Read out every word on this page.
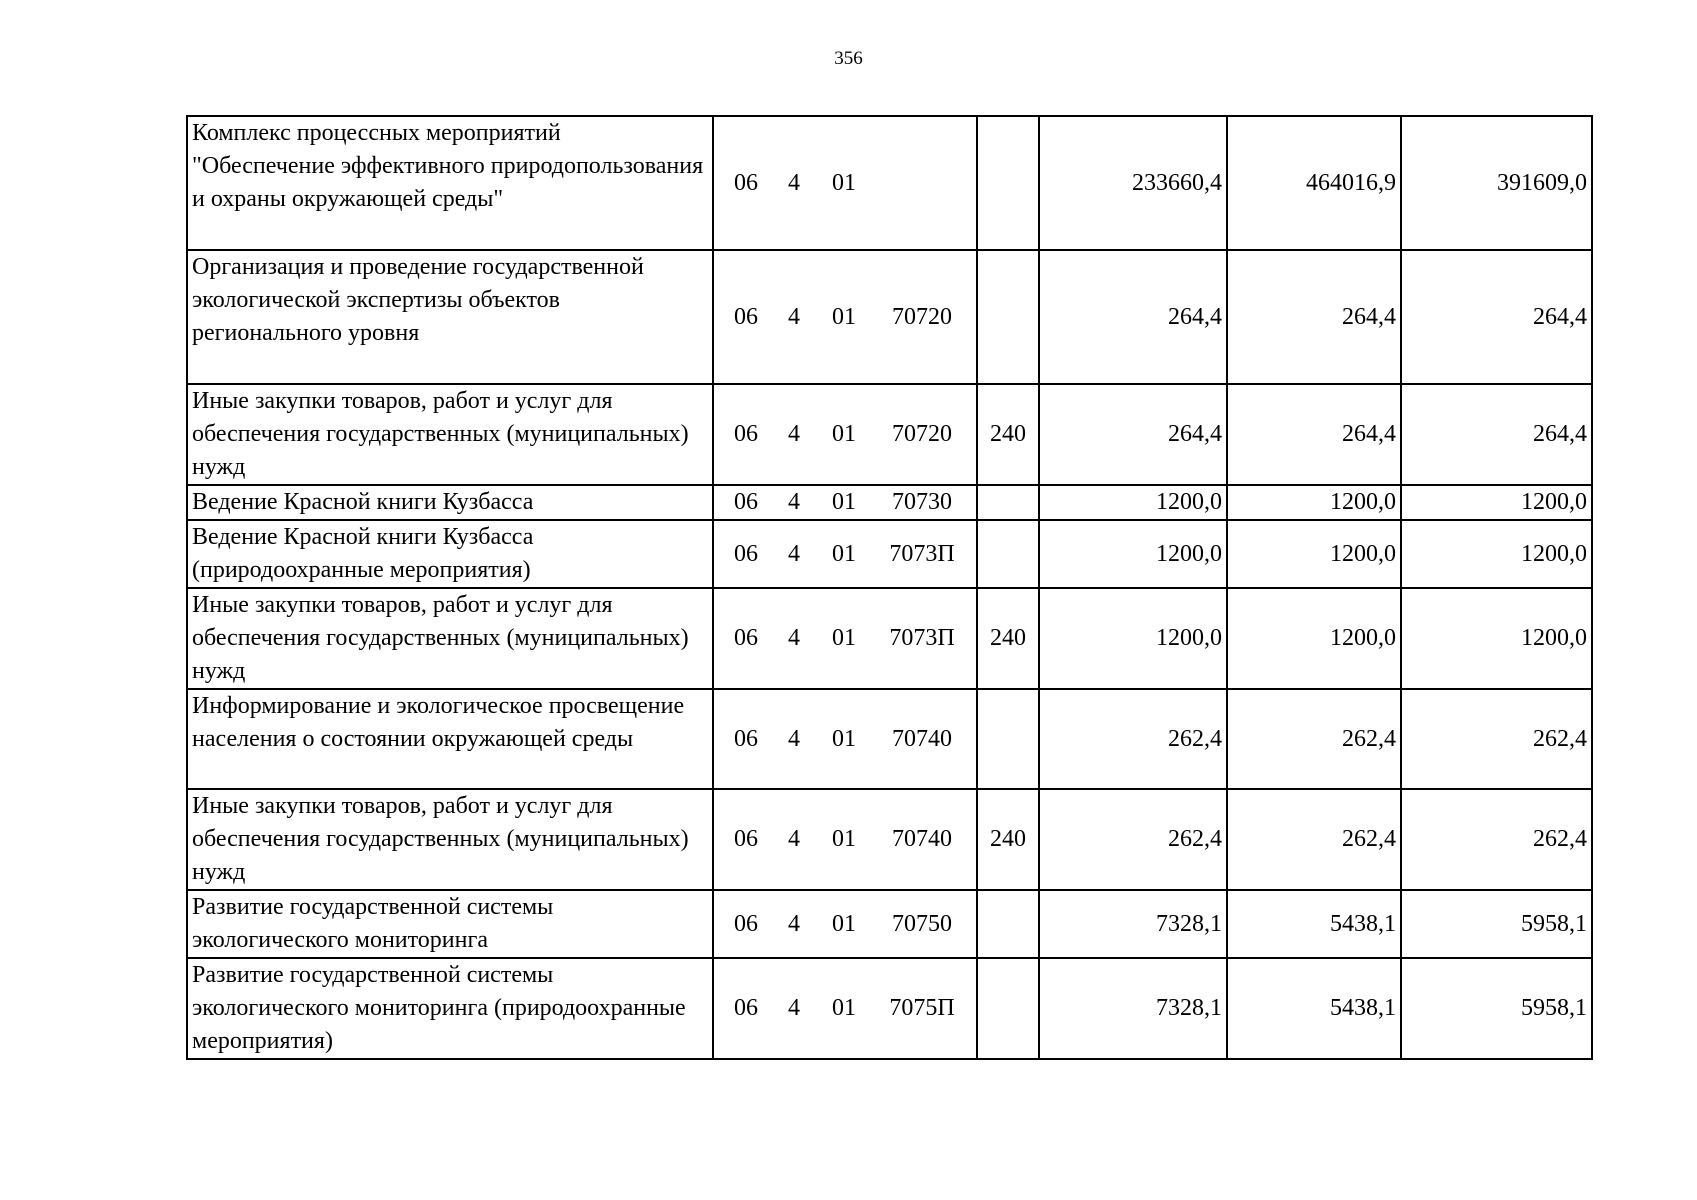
356
Комплекс процессных мероприятий "Обеспечение эффективного природопользования и охраны окружающей среды"	06 4 01		233660,4	464016,9	391609,0
Организация и проведение государственной экологической экспертизы объектов регионального уровня	06 4 01 70720		264,4	264,4	264,4
Иные закупки товаров, работ и услуг для обеспечения государственных (муниципальных) нужд	06 4 01 70720	240	264,4	264,4	264,4
Ведение Красной книги Кузбасса	06 4 01 70730		1200,0	1200,0	1200,0
Ведение Красной книги Кузбасса (природоохранные мероприятия)	06 4 01 7073П		1200,0	1200,0	1200,0
Иные закупки товаров, работ и услуг для обеспечения государственных (муниципальных) нужд	06 4 01 7073П	240	1200,0	1200,0	1200,0
Информирование и экологическое просвещение населения о состоянии окружающей среды	06 4 01 70740		262,4	262,4	262,4
Иные закупки товаров, работ и услуг для обеспечения государственных (муниципальных) нужд	06 4 01 70740	240	262,4	262,4	262,4
Развитие государственной системы экологического мониторинга	06 4 01 70750		7328,1	5438,1	5958,1
Развитие государственной системы экологического мониторинга (природоохранные мероприятия)	06 4 01 7075П		7328,1	5438,1	5958,1
